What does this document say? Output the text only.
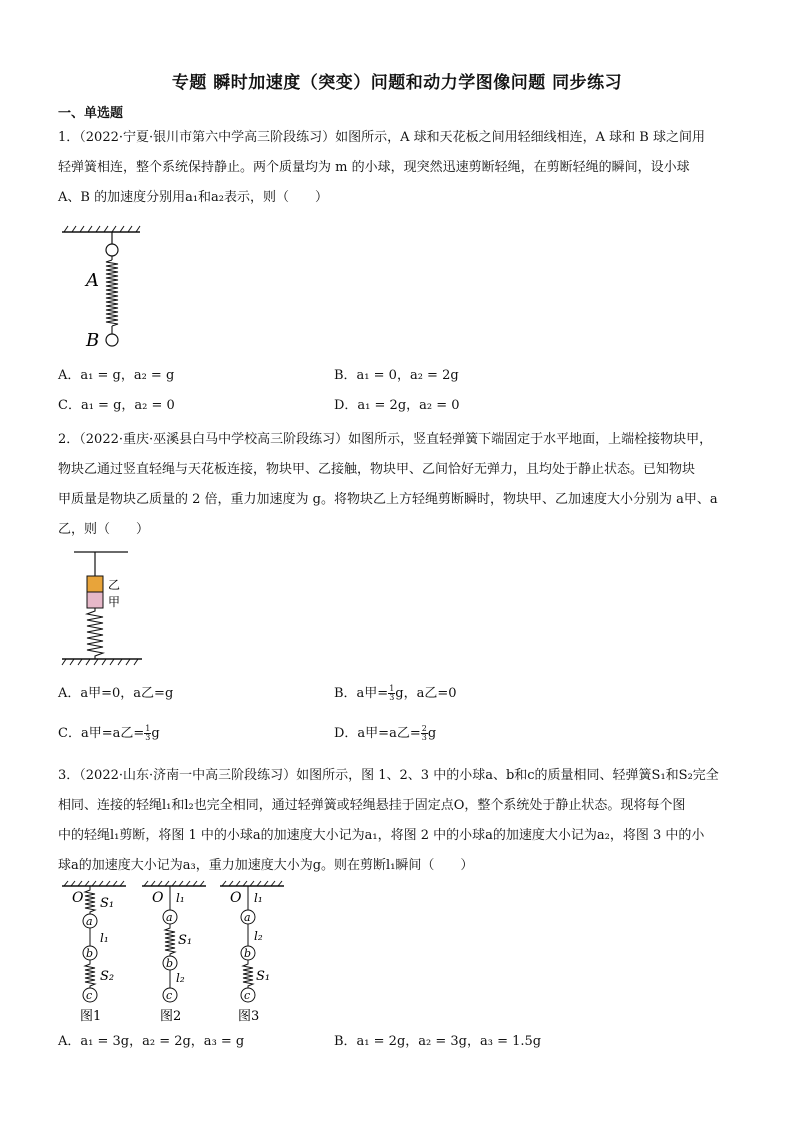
专题 瞬时加速度（突变）问题和动力学图像问题 同步练习
一、单选题
1．（2022·宁夏·银川市第六中学高三阶段练习）如图所示，A 球和天花板之间用轻细线相连，A 球和 B 球之间用
轻弹簧相连，整个系统保持静止。两个质量均为 m 的小球，现突然迅速剪断轻绳，在剪断轻绳的瞬间，设小球
A、B 的加速度分别用a₁和a₂表示，则（　　）
A
B
A．a₁ = g，a₂ = g	B．a₁ = 0，a₂ = 2g
C．a₁ = g，a₂ = 0	D．a₁ = 2g，a₂ = 0
2．（2022·重庆·巫溪县白马中学校高三阶段练习）如图所示，竖直轻弹簧下端固定于水平地面，上端栓接物块甲，
物块乙通过竖直轻绳与天花板连接，物块甲、乙接触，物块甲、乙间恰好无弹力，且均处于静止状态。已知物块
甲质量是物块乙质量的 2 倍，重力加速度为 g。将物块乙上方轻绳剪断瞬时，物块甲、乙加速度大小分别为 a甲、a
乙，则（　　）
乙
甲
A．a甲=0，a乙=g	B．a甲= $\frac{1}{3}$ g，a乙=0
C．a甲=a乙= $\frac{1}{3}$ g	D．a甲=a乙= $\frac{2}{3}$ g
3．（2022·山东·济南一中高三阶段练习）如图所示，图 1、2、3 中的小球a、b和c的质量相同、轻弹簧S₁和S₂完全
相同、连接的轻绳l₁和l₂也完全相同，通过轻弹簧或轻绳悬挂于固定点O，整个系统处于静止状态。现将每个图
中的轻绳l₁剪断，将图 1 中的小球a的加速度大小记为a₁，将图 2 中的小球a的加速度大小记为a₂，将图 3 中的小
球a的加速度大小记为a₃，重力加速度大小为g。则在剪断l₁瞬间（　　）
O S₁
a
l₁
b
S₂
c
图1
O l₁
a
S₁
b
l₂
c
图2
O l₁
a
l₂
b
S₁
c
图3
A．a₁ = 3g，a₂ = 2g，a₃ = g	B．a₁ = 2g，a₂ = 3g，a₃ = 1.5g
